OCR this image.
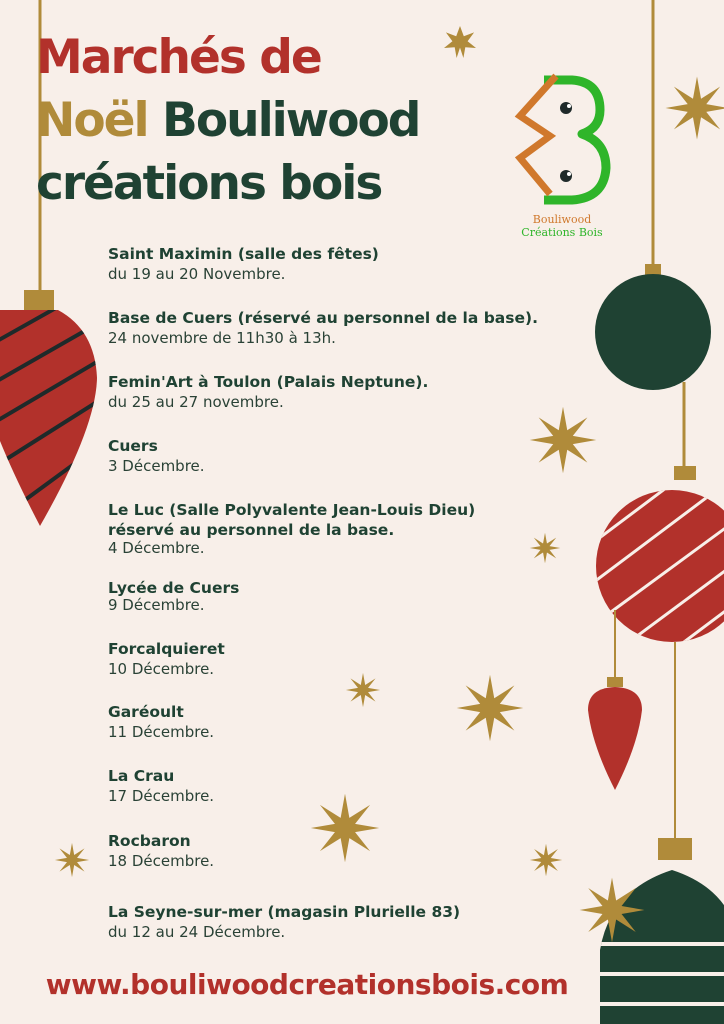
Marchés de
Noël Bouliwood
créations bois
Bouliwood
Créations Bois
Saint Maximin (salle des fêtes)
du 19 au 20 Novembre.
Base de Cuers (réservé au personnel de la base).
24 novembre de 11h30 à 13h.
Femin'Art à Toulon (Palais Neptune).
du 25 au 27 novembre.
Cuers
3 Décembre.
Le Luc (Salle Polyvalente Jean-Louis Dieu)
réservé au personnel de la base.
4 Décembre.
Lycée de Cuers
9 Décembre.
Forcalquieret
10 Décembre.
Garéoult
11 Décembre.
La Crau
17 Décembre.
Rocbaron
18 Décembre.
La Seyne-sur-mer (magasin Plurielle 83)
du 12 au 24 Décembre.
www.bouliwoodcreationsbois.com
